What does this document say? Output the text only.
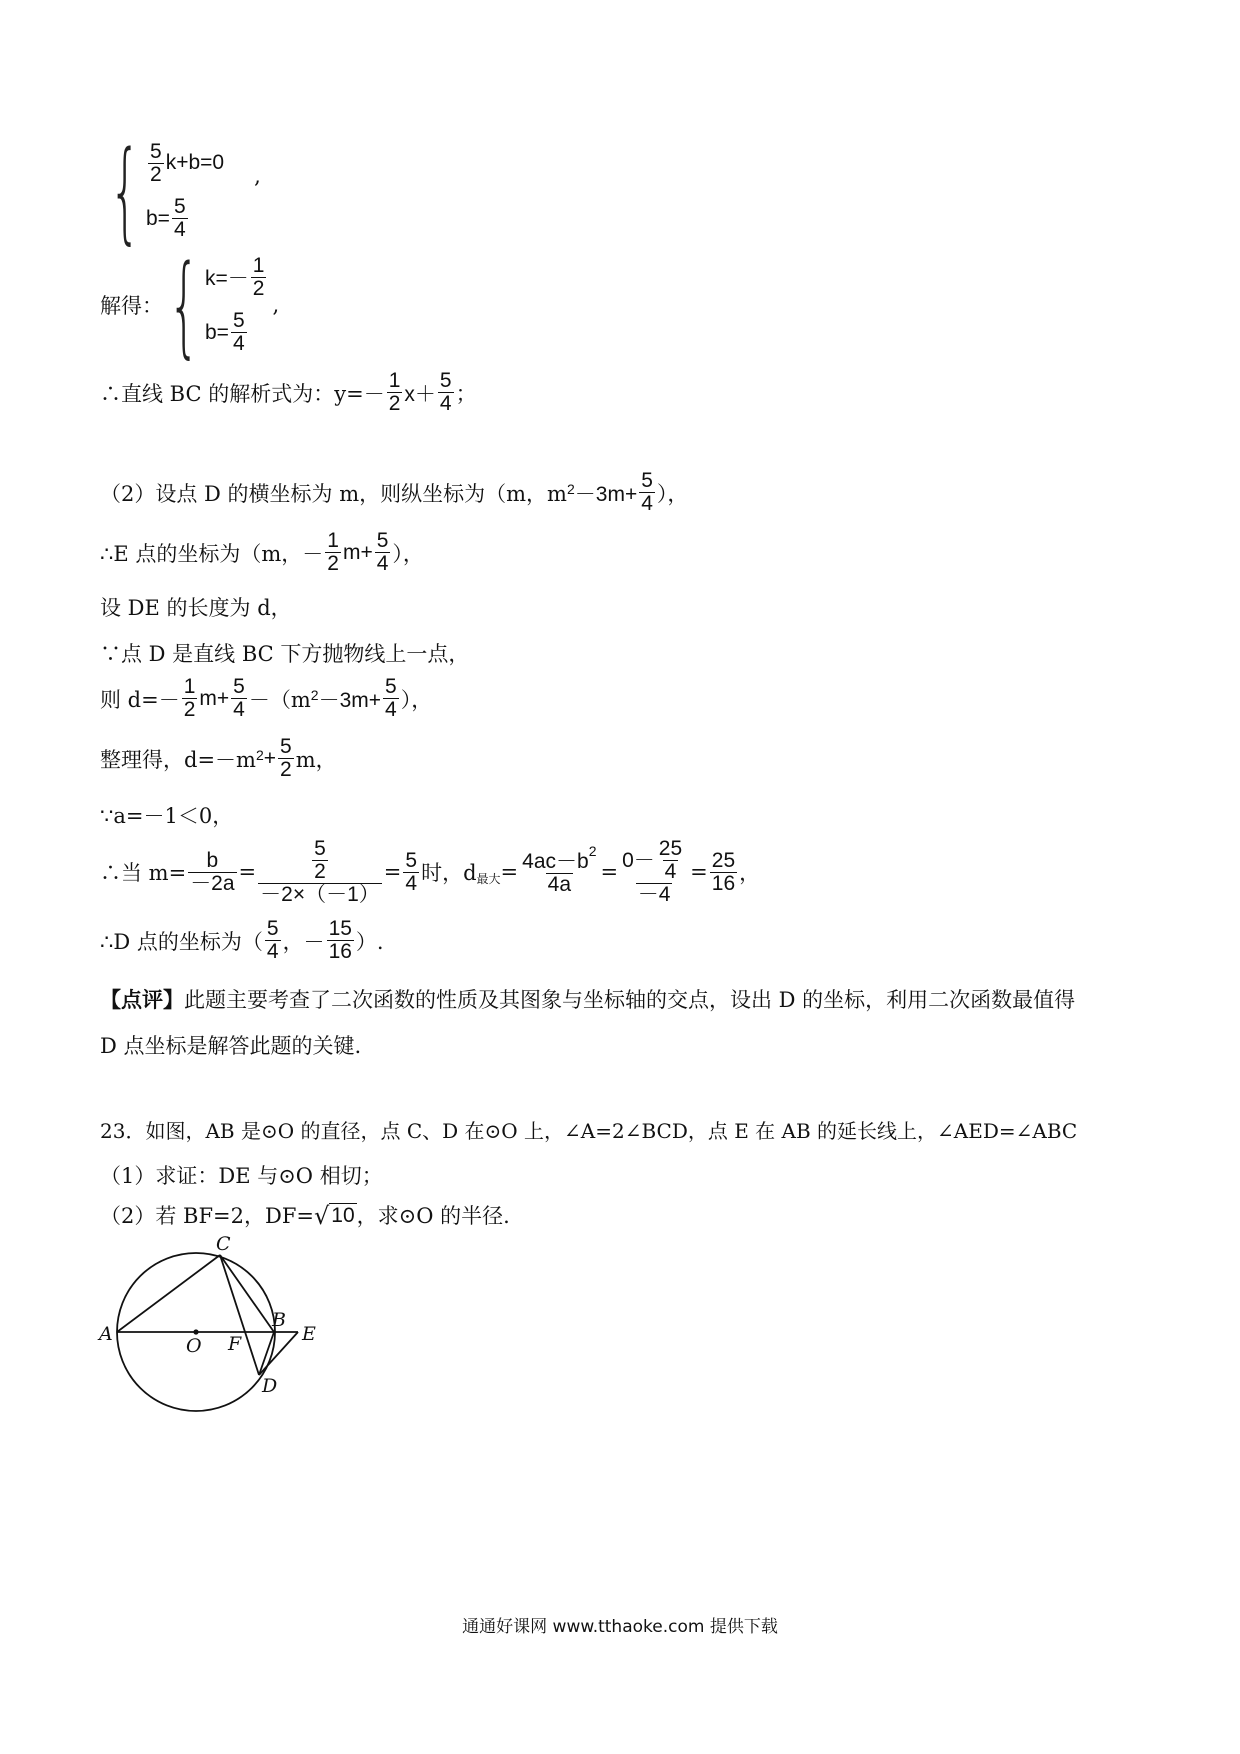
{ $\frac{5}{2} k+b=0$
$b= \frac{5}{4}$
,
解得： { $k=- \frac{1}{2}$
$b= \frac{5}{4}$
,
∴直线 BC 的解析式为：$y=- \frac{1}{2} x+ \frac{5}{4}$ ；
（2）设点 D 的横坐标为 m，则纵坐标为（m，m $2 -3m+ \frac{5}{4}$ ），
∴E 点的坐标为（m，－ $\frac{1}{2} m+ \frac{5}{4}$ ），
设 DE 的长度为 d，
∵点 D 是直线 BC 下方抛物线上一点，
则 $d=- \frac{1}{2} m+ \frac{5}{4} -(m$ $2 -3m+ \frac{5}{4}$ ），
整理得，d=－m $2 + \frac{5}{2}$ m，
∵a=－1＜0，
∴当 $m= \frac{b}{-2a} = \frac{\frac{5}{2}}{-2\times(-1)} = \frac{5}{4}$ 时，d 最大 = $\frac{4ac-b^2}{4a} = \frac{0- \frac{25}{4}}{-4} = \frac{25}{16}$ ，
∴D 点的坐标为（ $\frac{5}{4}$ ，－ $\frac{15}{16}$ ）.
【点评】 此题主要考查了二次函数的性质及其图象与坐标轴的交点，设出 D 的坐标，利用二次函数最值得
D 点坐标是解答此题的关键.
23．如图，AB 是⊙O 的直径，点 C、D 在⊙O 上，∠A=2∠BCD，点 E 在 AB 的延长线上，∠AED=∠ABC
（1）求证：DE 与⊙O 相切；
（2）若 BF=2，DF= √ 10 ，求⊙O 的半径.
A
C
B
E
O F
D
通通好课网 www.tthaoke.com 提供下载
